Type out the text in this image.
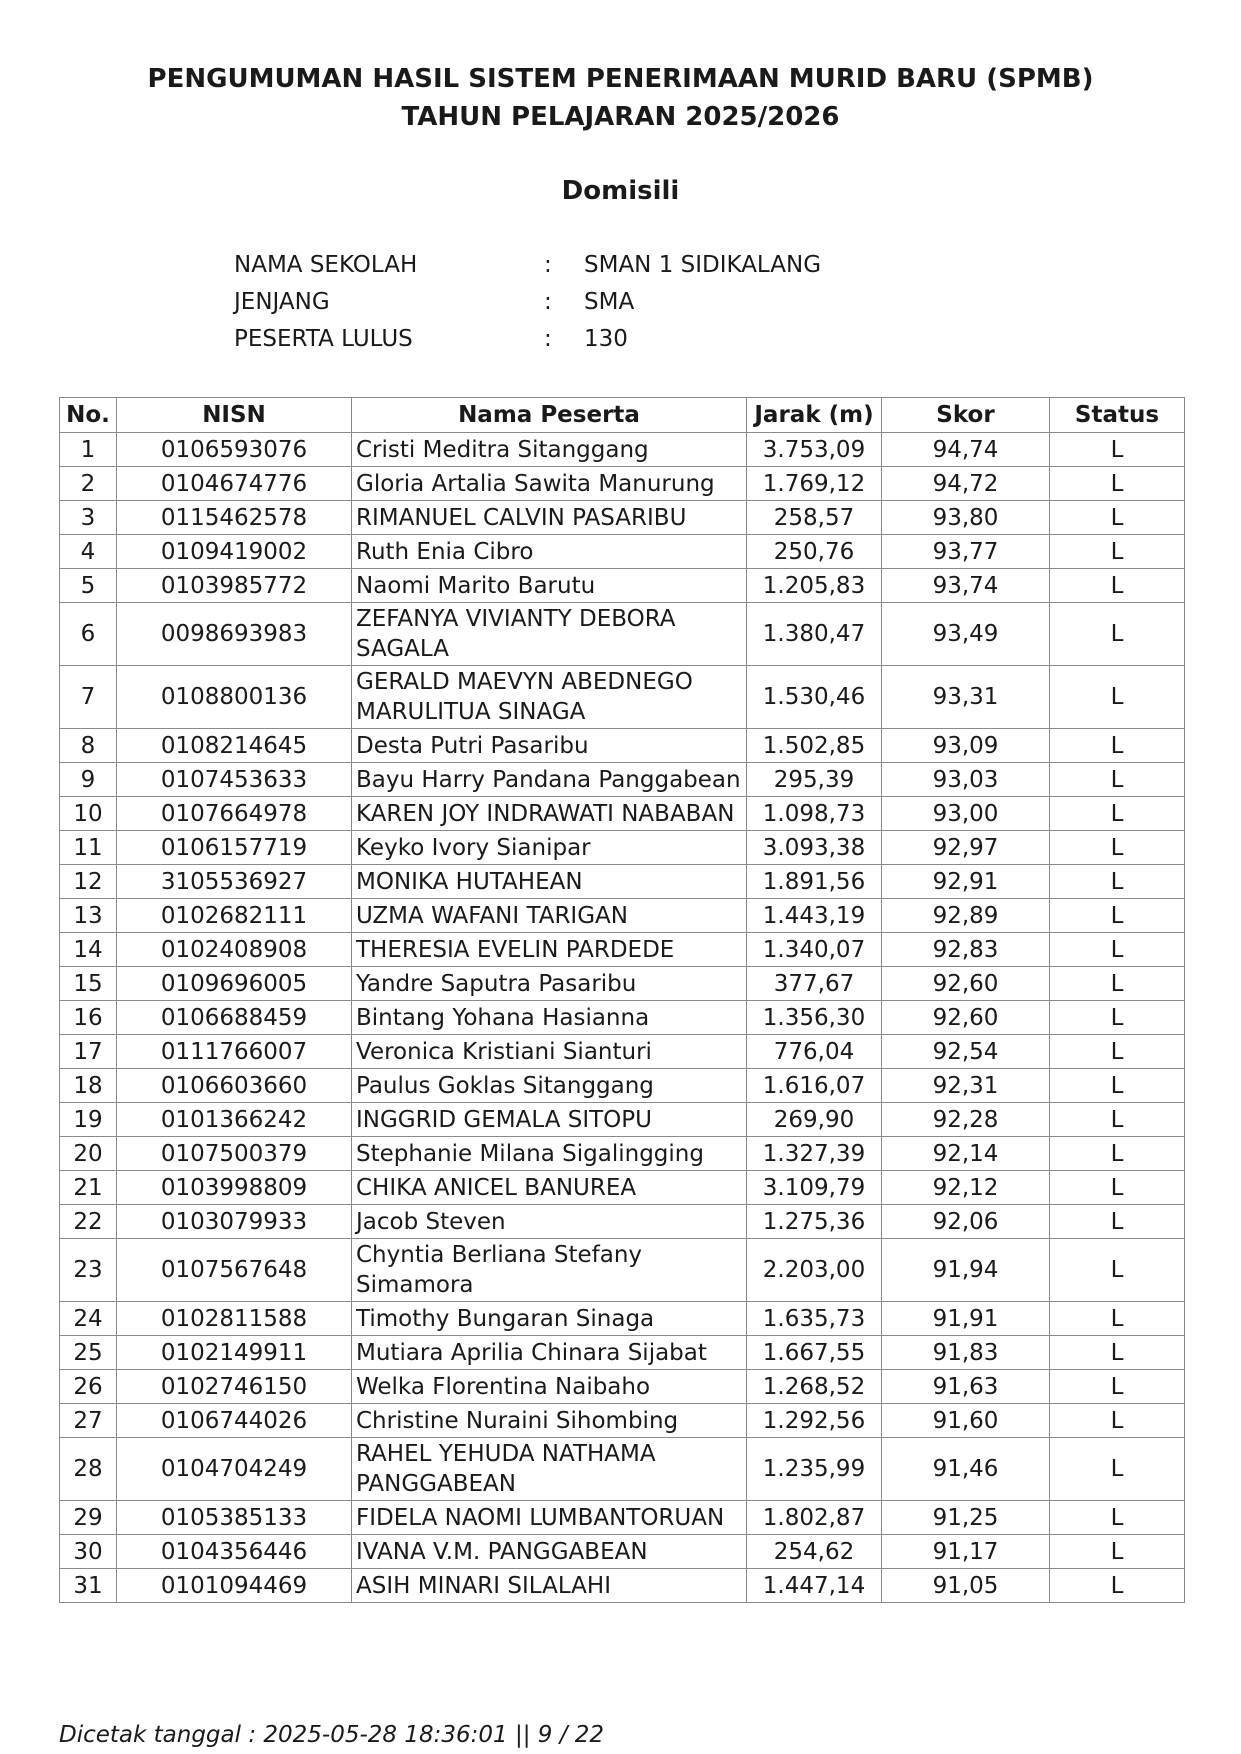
PENGUMUMAN HASIL SISTEM PENERIMAAN MURID BARU (SPMB)
TAHUN PELAJARAN 2025/2026
Domisili
NAMA SEKOLAH	:	SMAN 1 SIDIKALANG
JENJANG	:	SMA
PESERTA LULUS	:	130
No.	NISN	Nama Peserta	Jarak (m)	Skor	Status
1	0106593076	Cristi Meditra Sitanggang	3.753,09	94,74	L
2	0104674776	Gloria Artalia Sawita Manurung	1.769,12	94,72	L
3	0115462578	RIMANUEL CALVIN PASARIBU	258,57	93,80	L
4	0109419002	Ruth Enia Cibro	250,76	93,77	L
5	0103985772	Naomi Marito Barutu	1.205,83	93,74	L
6	0098693983	ZEFANYA VIVIANTY DEBORA SAGALA	1.380,47	93,49	L
7	0108800136	GERALD MAEVYN ABEDNEGO MARULITUA SINAGA	1.530,46	93,31	L
8	0108214645	Desta Putri Pasaribu	1.502,85	93,09	L
9	0107453633	Bayu Harry Pandana Panggabean	295,39	93,03	L
10	0107664978	KAREN JOY INDRAWATI NABABAN	1.098,73	93,00	L
11	0106157719	Keyko Ivory Sianipar	3.093,38	92,97	L
12	3105536927	MONIKA HUTAHEAN	1.891,56	92,91	L
13	0102682111	UZMA WAFANI TARIGAN	1.443,19	92,89	L
14	0102408908	THERESIA EVELIN PARDEDE	1.340,07	92,83	L
15	0109696005	Yandre Saputra Pasaribu	377,67	92,60	L
16	0106688459	Bintang Yohana Hasianna	1.356,30	92,60	L
17	0111766007	Veronica Kristiani Sianturi	776,04	92,54	L
18	0106603660	Paulus Goklas Sitanggang	1.616,07	92,31	L
19	0101366242	INGGRID GEMALA SITOPU	269,90	92,28	L
20	0107500379	Stephanie Milana Sigalingging	1.327,39	92,14	L
21	0103998809	CHIKA ANICEL BANUREA	3.109,79	92,12	L
22	0103079933	Jacob Steven	1.275,36	92,06	L
23	0107567648	Chyntia Berliana Stefany Simamora	2.203,00	91,94	L
24	0102811588	Timothy Bungaran Sinaga	1.635,73	91,91	L
25	0102149911	Mutiara Aprilia Chinara Sijabat	1.667,55	91,83	L
26	0102746150	Welka Florentina Naibaho	1.268,52	91,63	L
27	0106744026	Christine Nuraini Sihombing	1.292,56	91,60	L
28	0104704249	RAHEL YEHUDA NATHAMA PANGGABEAN	1.235,99	91,46	L
29	0105385133	FIDELA NAOMI LUMBANTORUAN	1.802,87	91,25	L
30	0104356446	IVANA V.M. PANGGABEAN	254,62	91,17	L
31	0101094469	ASIH MINARI SILALAHI	1.447,14	91,05	L
Dicetak tanggal : 2025-05-28 18:36:01 || 9 / 22
